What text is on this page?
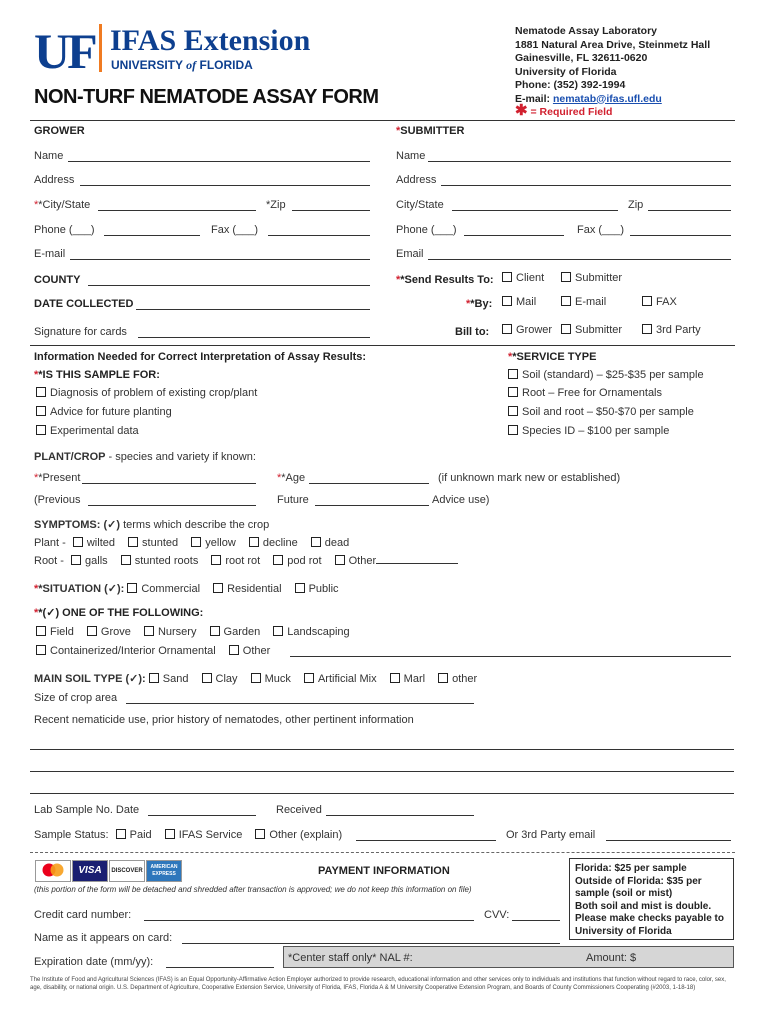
UF IFAS Extension
UNIVERSITY of FLORIDA
NON-TURF NEMATODE ASSAY FORM
Nematode Assay Laboratory
1881 Natural Area Drive, Steinmetz Hall
Gainesville, FL 32611-0620
University of Florida
Phone: (352) 392-1994
E-mail: nematab@ifas.ufl.edu
✱ = Required Field
GROWER	*SUBMITTER
Name
Address
**City/State	*Zip
Phone (___)	Fax (___)
E-mail
COUNTY
DATE COLLECTED
Signature for cards
Name
Address
City/State	Zip
Phone (___)	Fax (___)
Email
**Send Results To:	Client	Submitter
**By:	Mail	E-mail	FAX
Bill to:	Grower	Submitter	3rd Party
Information Needed for Correct Interpretation of Assay Results:
**IS THIS SAMPLE FOR:
Diagnosis of problem of existing crop/plant
Advice for future planting
Experimental data
**SERVICE TYPE
Soil (standard) – $25-$35 per sample
Root – Free for Ornamentals
Soil and root – $50-$70 per sample
Species ID – $100 per sample
PLANT/CROP - species and variety if known:
**Present	**Age	(if unknown mark new or established)
(Previous	Future	Advice use)
SYMPTOMS: (✓) terms which describe the crop
Plant - wilted stunted yellow decline dead
Root - galls stunted roots root rot pod rot Other
**SITUATION (✓): Commercial Residential Public
**(✓) ONE OF THE FOLLOWING:
Field Grove Nursery Garden Landscaping
Containerized/Interior Ornamental Other
MAIN SOIL TYPE (✓): Sand Clay Muck Artificial Mix Marl other
Size of crop area
Recent nematicide use, prior history of nematodes, other pertinent information
Lab Sample No. Date	Received
Sample Status: Paid IFAS Service Other (explain)	Or 3rd Party email
VISA DISCOVERAMERICAN EXPRESS	PAYMENT INFORMATION
(this portion of the form will be detached and shredded after transaction is approved; we do not keep this information on file)
Credit card number:	CVV:
Name as it appears on card:
Expiration date (mm/yy):
Florida: $25 per sample
Outside of Florida: $35 per sample (soil or mist)
Both soil and mist is double.
Please make checks payable to University of Florida
*Center staff only* NAL #:	Amount: $
The Institute of Food and Agricultural Sciences (IFAS) is an Equal Opportunity-Affirmative Action Employer authorized to provide research, educational information and other services only to individuals and institutions that function without regard to race, color, sex, age, disability, or national origin. U.S. Department of Agriculture, Cooperative Extension Service, University of Florida, IFAS, Florida A & M University Cooperative Extension Program, and Boards of County Commissioners Cooperating (#2003, 1-18-18)
